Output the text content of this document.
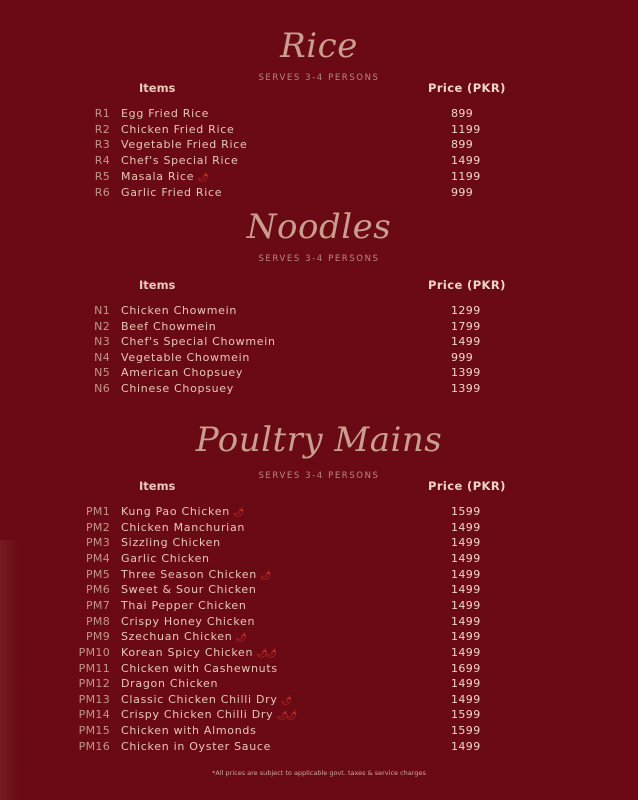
Rice
SERVES 3-4 PERSONS
Items	Price (PKR)
R1 Egg Fried Rice	899
R2 Chicken Fried Rice	1199
R3 Vegetable Fried Rice	899
R4 Chef's Special Rice	1499
R5 Masala Rice 🌶	1199
R6 Garlic Fried Rice	999
Noodles
SERVES 3-4 PERSONS
Items	Price (PKR)
N1 Chicken Chowmein	1299
N2 Beef Chowmein	1799
N3 Chef's Special Chowmein	1499
N4 Vegetable Chowmein	999
N5 American Chopsuey	1399
N6 Chinese Chopsuey	1399
Poultry Mains
SERVES 3-4 PERSONS
Items	Price (PKR)
PM1 Kung Pao Chicken 🌶	1599
PM2 Chicken Manchurian	1499
PM3 Sizzling Chicken	1499
PM4 Garlic Chicken	1499
PM5 Three Season Chicken 🌶	1499
PM6 Sweet & Sour Chicken	1499
PM7 Thai Pepper Chicken	1499
PM8 Crispy Honey Chicken	1499
PM9 Szechuan Chicken 🌶	1499
PM10 Korean Spicy Chicken 🌶🌶	1499
PM11 Chicken with Cashewnuts	1699
PM12 Dragon Chicken	1499
PM13 Classic Chicken Chilli Dry 🌶	1499
PM14 Crispy Chicken Chilli Dry 🌶🌶	1599
PM15 Chicken with Almonds	1599
PM16 Chicken in Oyster Sauce	1499
*All prices are subject to applicable govt. taxes & service charges
